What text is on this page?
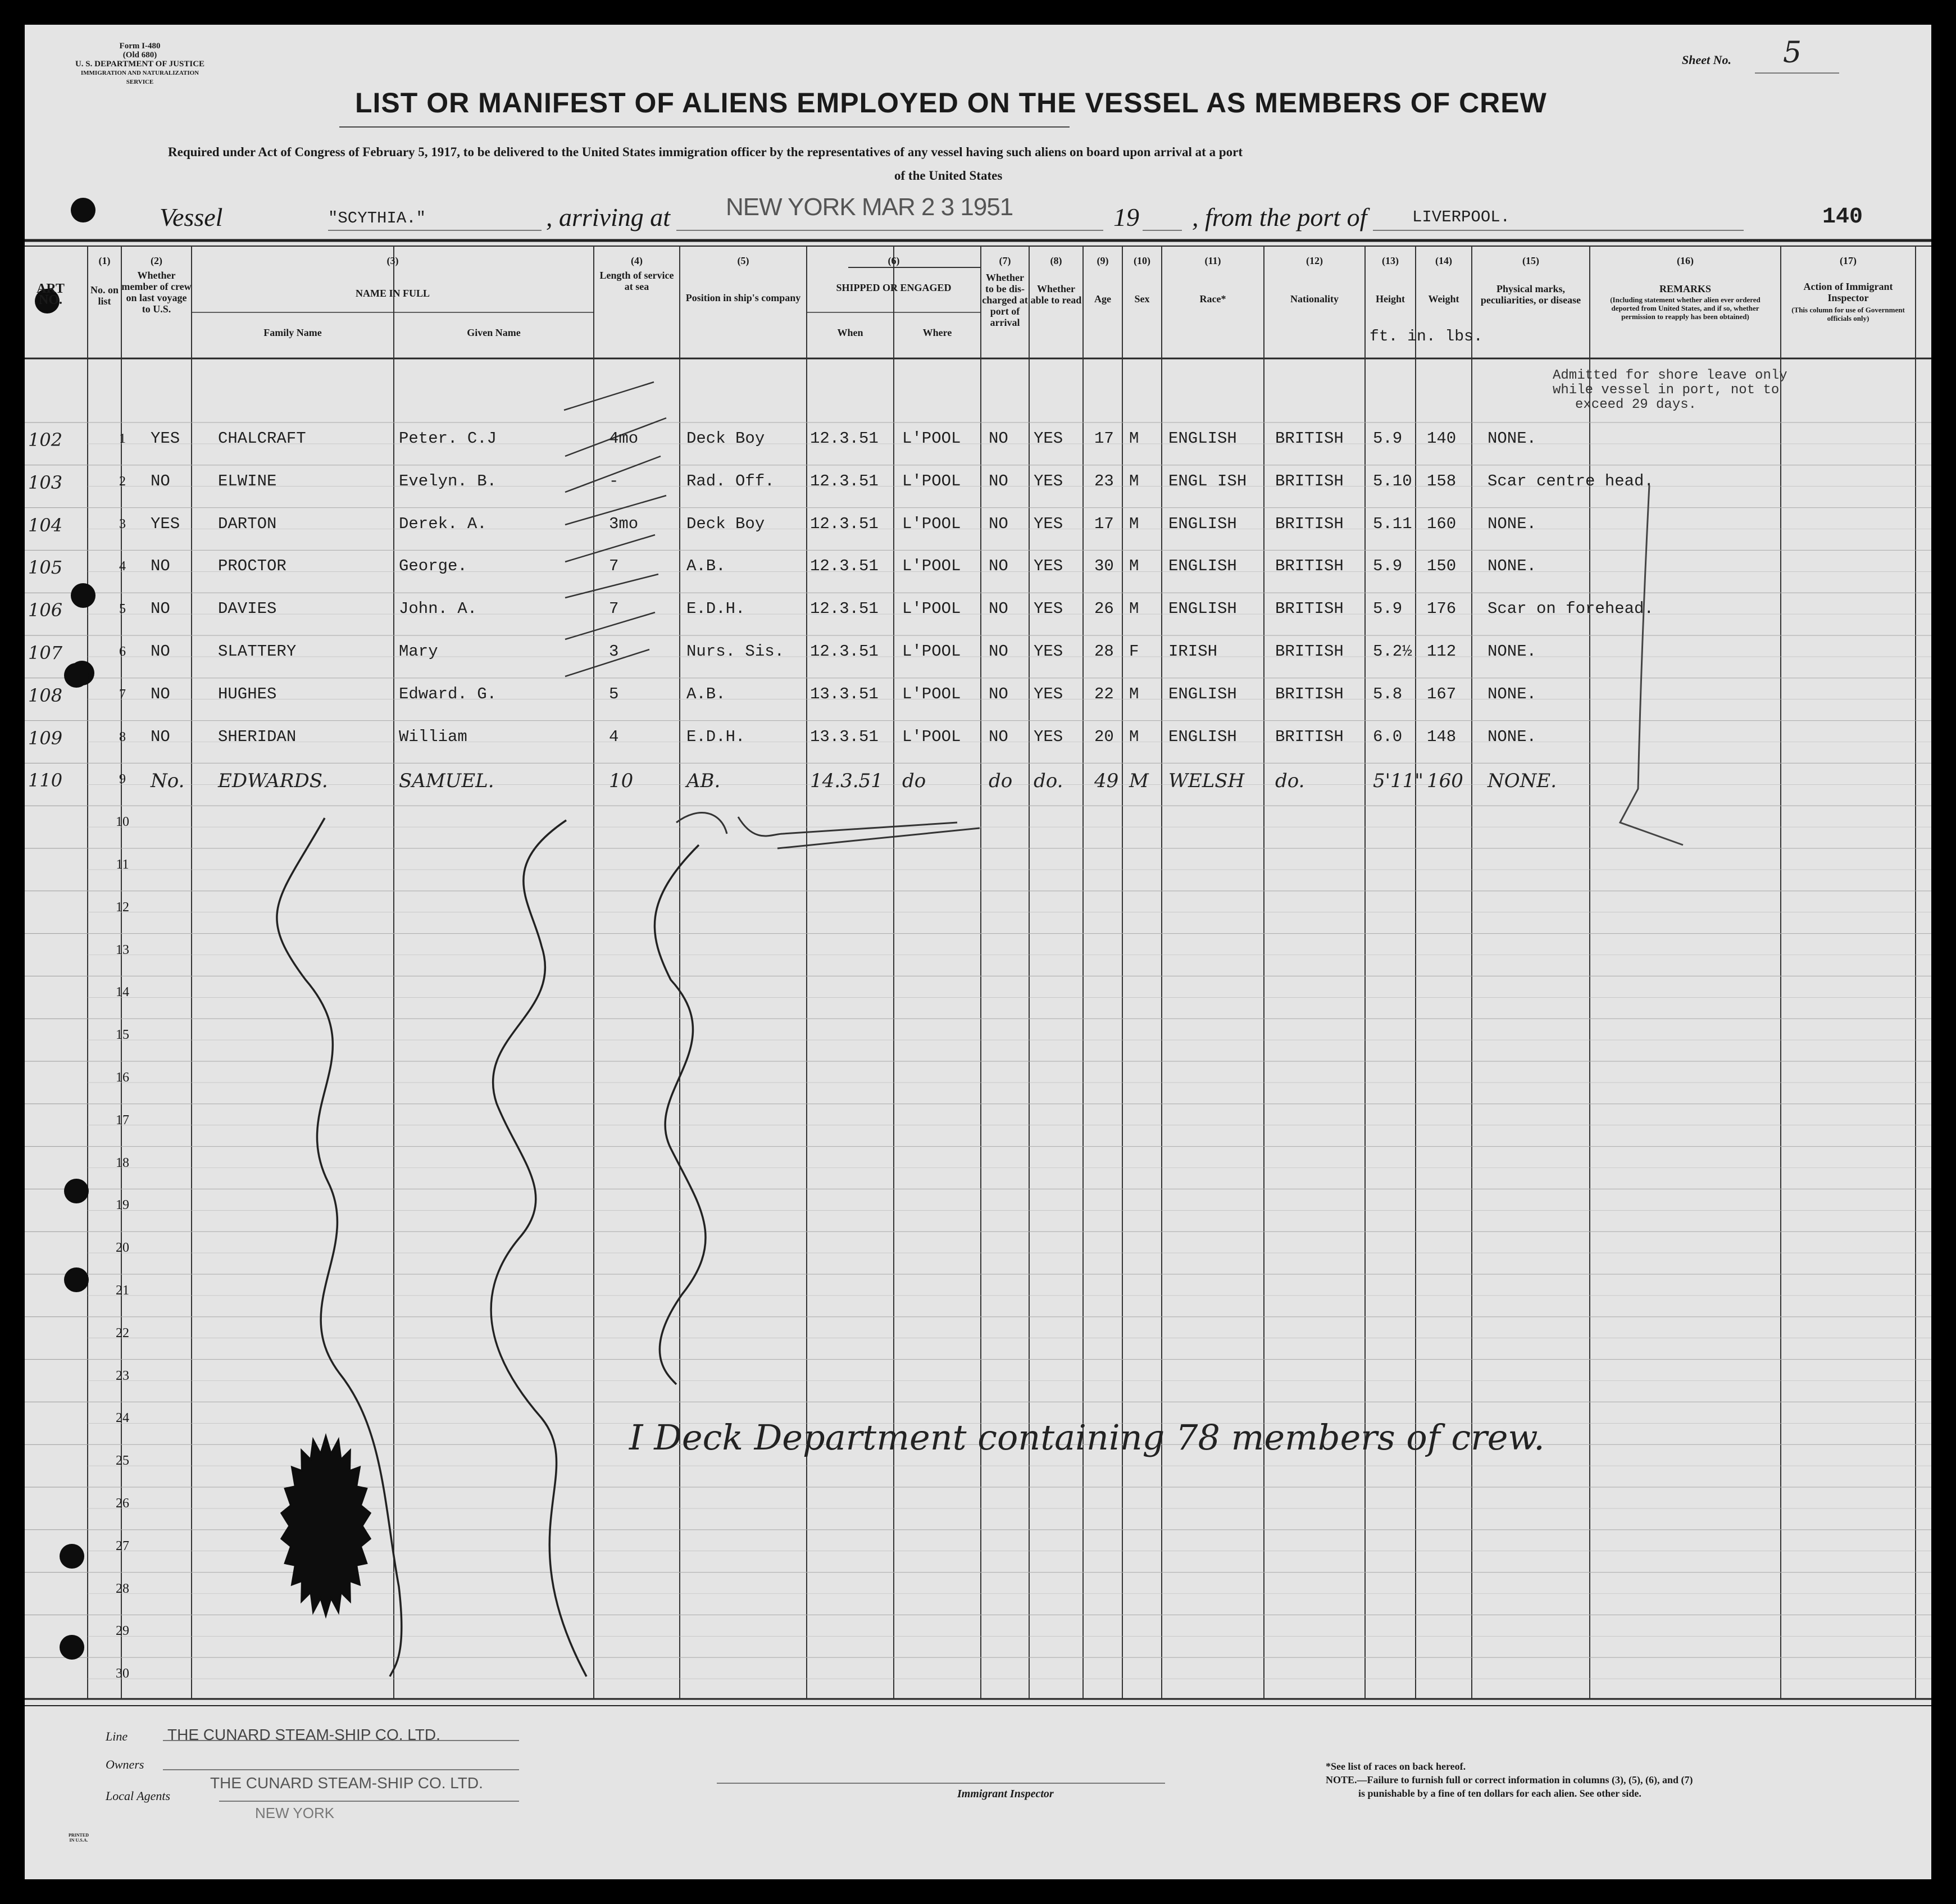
Form I-480
(Old 680)
U. S. DEPARTMENT OF JUSTICE
IMMIGRATION AND NATURALIZATION SERVICE
Sheet No. 5
LIST OR MANIFEST OF ALIENS EMPLOYED ON THE VESSEL AS MEMBERS OF CREW
Required under Act of Congress of February 5, 1917, to be delivered to the United States immigration officer by the representatives of any vessel having such aliens on board upon arrival at a port
of the United States
Vessel	"SCYTHIA."	, arriving at NEW YORK MAR 2 3 1951	19 , from the port of	LIVERPOOL.	140
ART NO.
(1)
No. on list
(2)
Whether member of crew on last voyage to U.S.
(3)
NAME IN FULL
Family Name	Given Name
(4)
Length of service at sea
(5)
Position in ship's company
(6)
SHIPPED OR ENGAGED
When	Where
(7)
Whether to be dis-charged at port of arrival
(8)
Whether able to read
(9)
Age
(10)
Sex
(11)
Race*
(12)
Nationality
(13)
Height
(14)
Weight
(15)
Physical marks, peculiarities, or disease
(16)
REMARKS
(Including statement whether alien ever ordered deported from United States, and if so, whether permission to reapply has been obtained)
(17)
Action of Immigrant Inspector
(This column for use of Government officials only)
ft. in. lbs.
102	1	YES CHALCRAFT	Peter. C.J	4mo	Deck Boy	12.3.51 L'POOL NO YES 17 M ENGLISH BRITISH 5.9 140 NONE.
103	2	NO	ELWINE	Evelyn. B.	-	Rad. Off. 12.3.51 L'POOL NO YES 23 M ENGL ISH BRITISH 5.10 158 Scar centre head.
104	3	YES DARTON	Derek. A.	3mo	Deck Boy	12.3.51 L'POOL NO YES 17 M ENGLISH BRITISH 5.11 160 NONE.
105	4	NO	PROCTOR	George.	7	A.B.	12.3.51 L'POOL NO YES 30 M ENGLISH BRITISH 5.9 150 NONE.
106	5	NO	DAVIES	John. A.	7	E.D.H.	12.3.51 L'POOL NO YES 26 M ENGLISH BRITISH 5.9 176 Scar on forehead.
107	6	NO	SLATTERY	Mary	3	Nurs. Sis. 12.3.51 L'POOL NO YES 28 F IRISH	BRITISH 5.2½ 112 NONE.
108	7	NO	HUGHES	Edward. G.	5	A.B.	13.3.51 L'POOL NO YES 22 M ENGLISH BRITISH 5.8 167 NONE.
109	8	NO	SHERIDAN	William	4	E.D.H.	13.3.51 L'POOL NO YES 20 M ENGLISH BRITISH 6.0 148 NONE.
110	9	No. EDWARDS.	SAMUEL.	10	AB.	14.3.51 do	do do. 49 M WELSH do.	5'11" 160 NONE.
10
11
12
13
14
15
16
17
18
19
20
21
22
23
24
25
26
27
28
29
30
Admitted for shore leave only
while vessel in port, not to
exceed 29 days.
I Deck Department containing 78 members of crew.
Line	THE CUNARD STEAM-SHIP CO. LTD.
Owners
THE CUNARD STEAM-SHIP CO. LTD.
Local Agents
NEW YORK
Immigrant Inspector
*See list of races on back hereof.
NOTE.—Failure to furnish full or correct information in columns (3), (5), (6), and (7)
is punishable by a fine of ten dollars for each alien. See other side.
PRINTED IN U.S.A.
